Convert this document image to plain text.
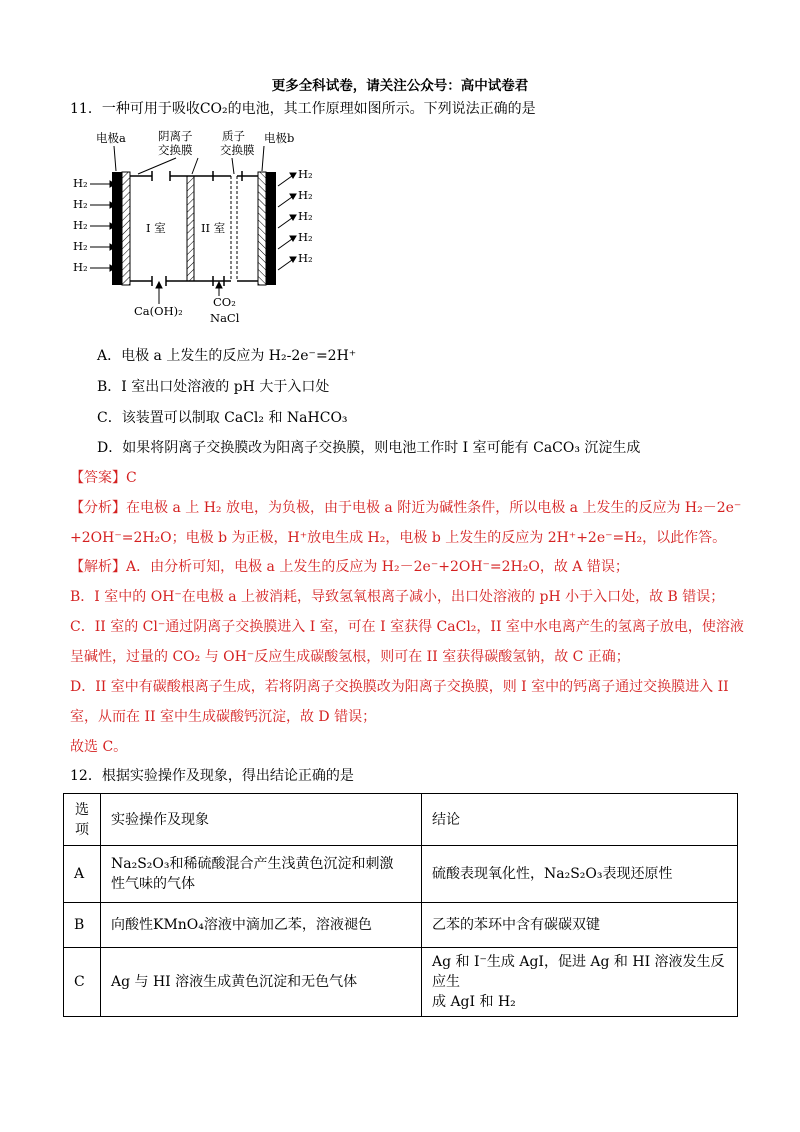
更多全科试卷，请关注公众号：高中试卷君
11．一种可用于吸收CO₂的电池，其工作原理如图所示。下列说法正确的是
电极a	阴离子
交换膜
质子
交换膜
电极b
H₂
H₂
H₂
H₂
H₂
H₂
H₂
H₂
H₂
H₂
I 室	II 室
Ca(OH)₂
CO₂
NaCl
A．电极 a 上发生的反应为 H₂-2e⁻=2H⁺
B．I 室出口处溶液的 pH 大于入口处
C．该装置可以制取 CaCl₂ 和 NaHCO₃
D．如果将阴离子交换膜改为阳离子交换膜，则电池工作时 I 室可能有 CaCO₃ 沉淀生成
【答案】C
【分析】在电极 a 上 H₂ 放电，为负极，由于电极 a 附近为碱性条件，所以电极 a 上发生的反应为 H₂－2e⁻
+2OH⁻=2H₂O；电极 b 为正极，H⁺放电生成 H₂，电极 b 上发生的反应为 2H⁺+2e⁻=H₂，以此作答。
【解析】A．由分析可知，电极 a 上发生的反应为 H₂－2e⁻+2OH⁻=2H₂O，故 A 错误；
B．I 室中的 OH⁻在电极 a 上被消耗，导致氢氧根离子减小，出口处溶液的 pH 小于入口处，故 B 错误；
C．II 室的 Cl⁻通过阴离子交换膜进入 I 室，可在 I 室获得 CaCl₂，II 室中水电离产生的氢离子放电，使溶液
呈碱性，过量的 CO₂ 与 OH⁻反应生成碳酸氢根，则可在 II 室获得碳酸氢钠，故 C 正确；
D．II 室中有碳酸根离子生成，若将阴离子交换膜改为阳离子交换膜，则 I 室中的钙离子通过交换膜进入 II
室，从而在 II 室中生成碳酸钙沉淀，故 D 错误；
故选 C。
12．根据实验操作及现象，得出结论正确的是
选
项	实验操作及现象	结论
A	Na₂S₂O₃和稀硫酸混合产生浅黄色沉淀和刺激
性气味的气体	硫酸表现氧化性，Na₂S₂O₃表现还原性
B	向酸性KMnO₄溶液中滴加乙苯，溶液褪色	乙苯的苯环中含有碳碳双键
C	Ag 与 HI 溶液生成黄色沉淀和无色气体	Ag 和 I⁻生成 AgI，促进 Ag 和 HI 溶液发生反应生
成 AgI 和 H₂
